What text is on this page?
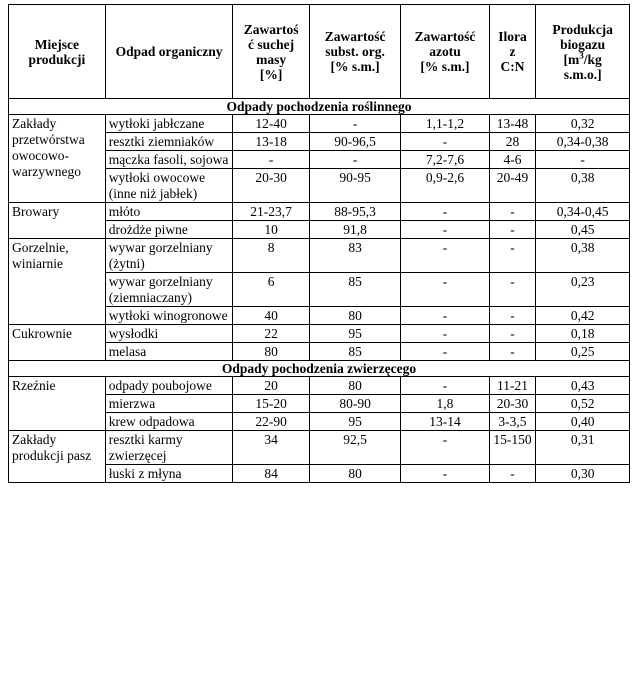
Miejsce produkcji	Odpad organiczny	Zawartoś
ć suchej
masy
[%]	Zawartość
subst. org.
[% s.m.]	Zawartość
azotu
[% s.m.]	Ilora
z
C:N	Produkcja
biogazu
[$m^3/kg$
s.m.o.]
Odpady pochodzenia roślinnego						
Zakłady przetwórstwa owocowo-warzywnego	wytłoki jabłczane	12-40	-	1,1-1,2	13-48	0,32
	resztki ziemniaków	13-18	90-96,5	-	28	0,34-0,38
	mączka fasoli, sojowa	-	-	7,2-7,6	4-6	-
	wytłoki owocowe (inne niż jabłek)	20-30	90-95	0,9-2,6	20-49	0,38
Browary	młóto	21-23,7	88-95,3	-	-	0,34-0,45
	drożdże piwne	10	91,8	-	-	0,45
Gorzelnie, winiarnie	wywar gorzelniany (żytni)	8	83	-	-	0,38
	wywar gorzelniany (ziemniaczany)	6	85	-	-	0,23
	wytłoki winogronowe	40	80	-	-	0,42
Cukrownie	wysłodki	22	95	-	-	0,18
	melasa	80	85	-	-	0,25
Odpady pochodzenia zwierzęcego						
Rzeźnie	odpady poubojowe	20	80	-	11-21	0,43
	mierzwa	15-20	80-90	1,8	20-30	0,52
	krew odpadowa	22-90	95	13-14	3-3,5	0,40
Zakłady produkcji pasz	resztki karmy zwierzęcej	34	92,5	-	15-150	0,31
	łuski z młyna	84	80	-	-	0,30
